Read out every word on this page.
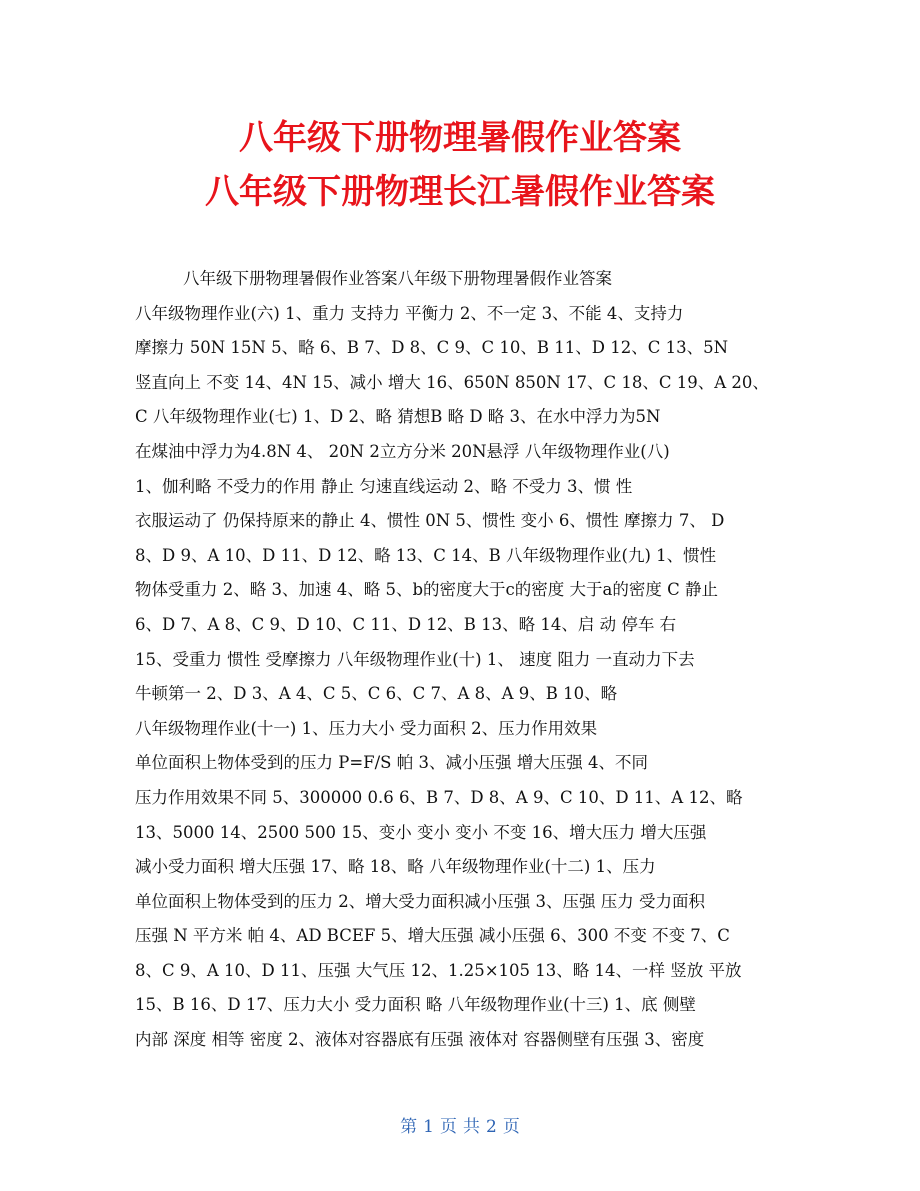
八年级下册物理暑假作业答案
八年级下册物理长江暑假作业答案
八年级下册物理暑假作业答案八年级下册物理暑假作业答案
八年级物理作业(六) 1、重力 支持力 平衡力 2、不一定 3、不能 4、支持力
摩擦力 50N 15N 5、略 6、B 7、D 8、C 9、C 10、B 11、D 12、C 13、5N
竖直向上 不变 14、4N 15、减小 增大 16、650N 850N 17、C 18、C 19、A 20、
C 八年级物理作业(七) 1、D 2、略 猜想B 略 D 略 3、在水中浮力为5N
在煤油中浮力为4.8N 4、 20N 2立方分米 20N悬浮 八年级物理作业(八)
1、伽利略 不受力的作用 静止 匀速直线运动 2、略 不受力 3、惯 性
衣服运动了 仍保持原来的静止 4、惯性 0N 5、惯性 变小 6、惯性 摩擦力 7、 D
8、D 9、A 10、D 11、D 12、略 13、C 14、B 八年级物理作业(九) 1、惯性
物体受重力 2、略 3、加速 4、略 5、b的密度大于c的密度 大于a的密度 C 静止
6、D 7、A 8、C 9、D 10、C 11、D 12、B 13、略 14、启 动 停车 右
15、受重力 惯性 受摩擦力 八年级物理作业(十) 1、 速度 阻力 一直动力下去
牛顿第一 2、D 3、A 4、C 5、C 6、C 7、A 8、A 9、B 10、略
八年级物理作业(十一) 1、压力大小 受力面积 2、压力作用效果
单位面积上物体受到的压力 P=F/S 帕 3、减小压强 增大压强 4、不同
压力作用效果不同 5、300000 0.6 6、B 7、D 8、A 9、C 10、D 11、A 12、略
13、5000 14、2500 500 15、变小 变小 变小 不变 16、增大压力 增大压强
减小受力面积 增大压强 17、略 18、略 八年级物理作业(十二) 1、压力
单位面积上物体受到的压力 2、增大受力面积减小压强 3、压强 压力 受力面积
压强 N 平方米 帕 4、AD BCEF 5、增大压强 减小压强 6、300 不变 不变 7、C
8、C 9、A 10、D 11、压强 大气压 12、1.25×105 13、略 14、一样 竖放 平放
15、B 16、D 17、压力大小 受力面积 略 八年级物理作业(十三) 1、底 侧壁
内部 深度 相等 密度 2、液体对容器底有压强 液体对 容器侧壁有压强 3、密度
第 1 页 共 2 页
